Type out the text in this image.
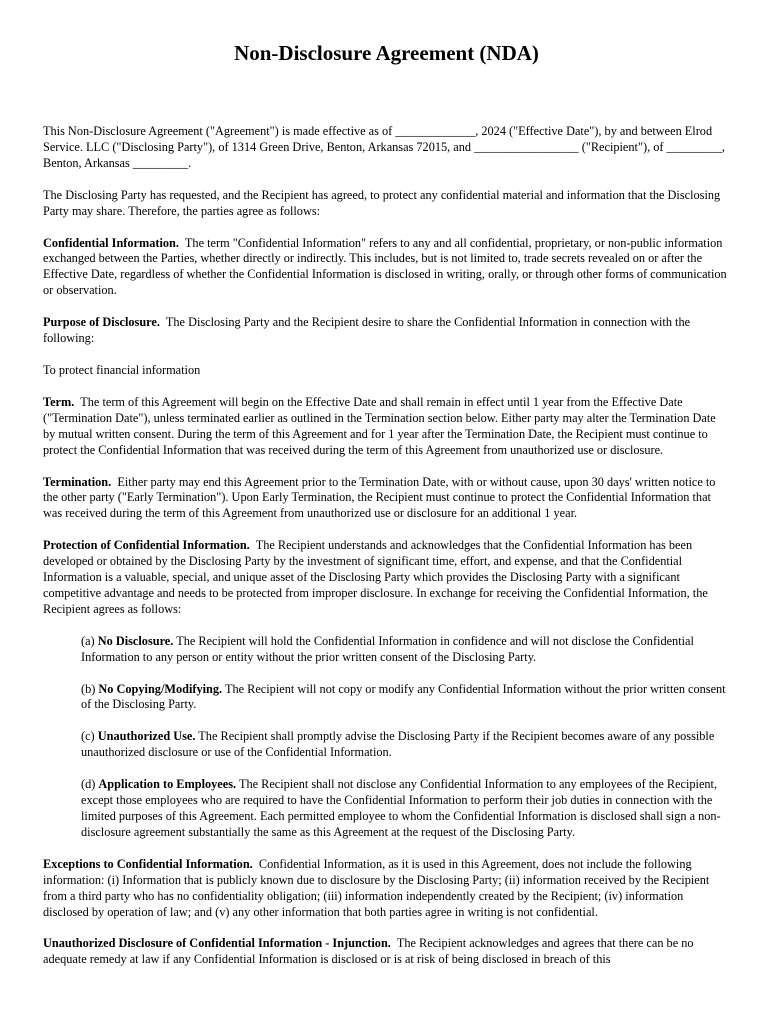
Non-Disclosure Agreement (NDA)

This Non-Disclosure Agreement ("Agreement") is made effective as of _____________, 2024 ("Effective Date"), by and between Elrod Service. LLC ("Disclosing Party"), of 1314 Green Drive, Benton, Arkansas 72015, and _________________ ("Recipient"), of _________, Benton, Arkansas _________.

The Disclosing Party has requested, and the Recipient has agreed, to protect any confidential material and information that the Disclosing Party may share. Therefore, the parties agree as follows:

Confidential Information. The term "Confidential Information" refers to any and all confidential, proprietary, or non-public information exchanged between the Parties, whether directly or indirectly. This includes, but is not limited to, trade secrets revealed on or after the Effective Date, regardless of whether the Confidential Information is disclosed in writing, orally, or through other forms of communication or observation.

Purpose of Disclosure. The Disclosing Party and the Recipient desire to share the Confidential Information in connection with the following:

To protect financial information

Term. The term of this Agreement will begin on the Effective Date and shall remain in effect until 1 year from the Effective Date ("Termination Date"), unless terminated earlier as outlined in the Termination section below. Either party may alter the Termination Date by mutual written consent. During the term of this Agreement and for 1 year after the Termination Date, the Recipient must continue to protect the Confidential Information that was received during the term of this Agreement from unauthorized use or disclosure.

Termination. Either party may end this Agreement prior to the Termination Date, with or without cause, upon 30 days' written notice to the other party ("Early Termination"). Upon Early Termination, the Recipient must continue to protect the Confidential Information that was received during the term of this Agreement from unauthorized use or disclosure for an additional 1 year.

Protection of Confidential Information. The Recipient understands and acknowledges that the Confidential Information has been developed or obtained by the Disclosing Party by the investment of significant time, effort, and expense, and that the Confidential Information is a valuable, special, and unique asset of the Disclosing Party which provides the Disclosing Party with a significant competitive advantage and needs to be protected from improper disclosure. In exchange for receiving the Confidential Information, the Recipient agrees as follows:

(a) No Disclosure. The Recipient will hold the Confidential Information in confidence and will not disclose the Confidential Information to any person or entity without the prior written consent of the Disclosing Party.

(b) No Copying/Modifying. The Recipient will not copy or modify any Confidential Information without the prior written consent of the Disclosing Party.

(c) Unauthorized Use. The Recipient shall promptly advise the Disclosing Party if the Recipient becomes aware of any possible unauthorized disclosure or use of the Confidential Information.

(d) Application to Employees. The Recipient shall not disclose any Confidential Information to any employees of the Recipient, except those employees who are required to have the Confidential Information to perform their job duties in connection with the limited purposes of this Agreement. Each permitted employee to whom the Confidential Information is disclosed shall sign a non-disclosure agreement substantially the same as this Agreement at the request of the Disclosing Party.

Exceptions to Confidential Information. Confidential Information, as it is used in this Agreement, does not include the following information: (i) Information that is publicly known due to disclosure by the Disclosing Party; (ii) information received by the Recipient from a third party who has no confidentiality obligation; (iii) information independently created by the Recipient; (iv) information disclosed by operation of law; and (v) any other information that both parties agree in writing is not confidential.

Unauthorized Disclosure of Confidential Information - Injunction. The Recipient acknowledges and agrees that there can be no adequate remedy at law if any Confidential Information is disclosed or is at risk of being disclosed in breach of this
